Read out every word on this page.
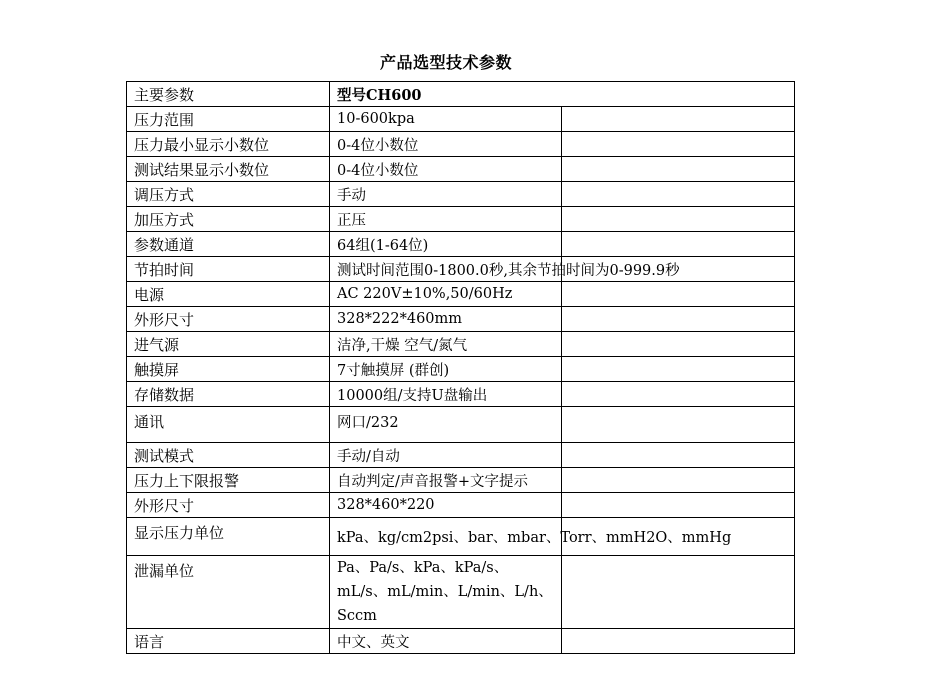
产品选型技术参数
主要参数	型号CH600	
压力范围	10-600kpa	
压力最小显示小数位	0-4位小数位	
测试结果显示小数位	0-4位小数位	
调压方式	手动	
加压方式	正压	
参数通道	64组(1-64位)	
节拍时间	测试时间范围0-1800.0秒,其余节拍时间为0-999.9秒	
电源	AC 220V±10%,50/60Hz	
外形尺寸	328*222*460mm	
进气源	洁净,干燥 空气/氮气	
触摸屏	7寸触摸屏 (群创)	
存储数据	10000组/支持U盘输出	
通讯	网口/232	
测试模式	手动/自动	
压力上下限报警	自动判定/声音报警+文字提示	
外形尺寸	328*460*220	
显示压力单位	kPa、kg/cm2psi、bar、mbar、Torr、mmH2O、mmHg	
泄漏单位	Pa、Pa/s、kPa、kPa/s、mL/s、mL/min、L/min、L/h、Sccm	
语言	中文、英文	
